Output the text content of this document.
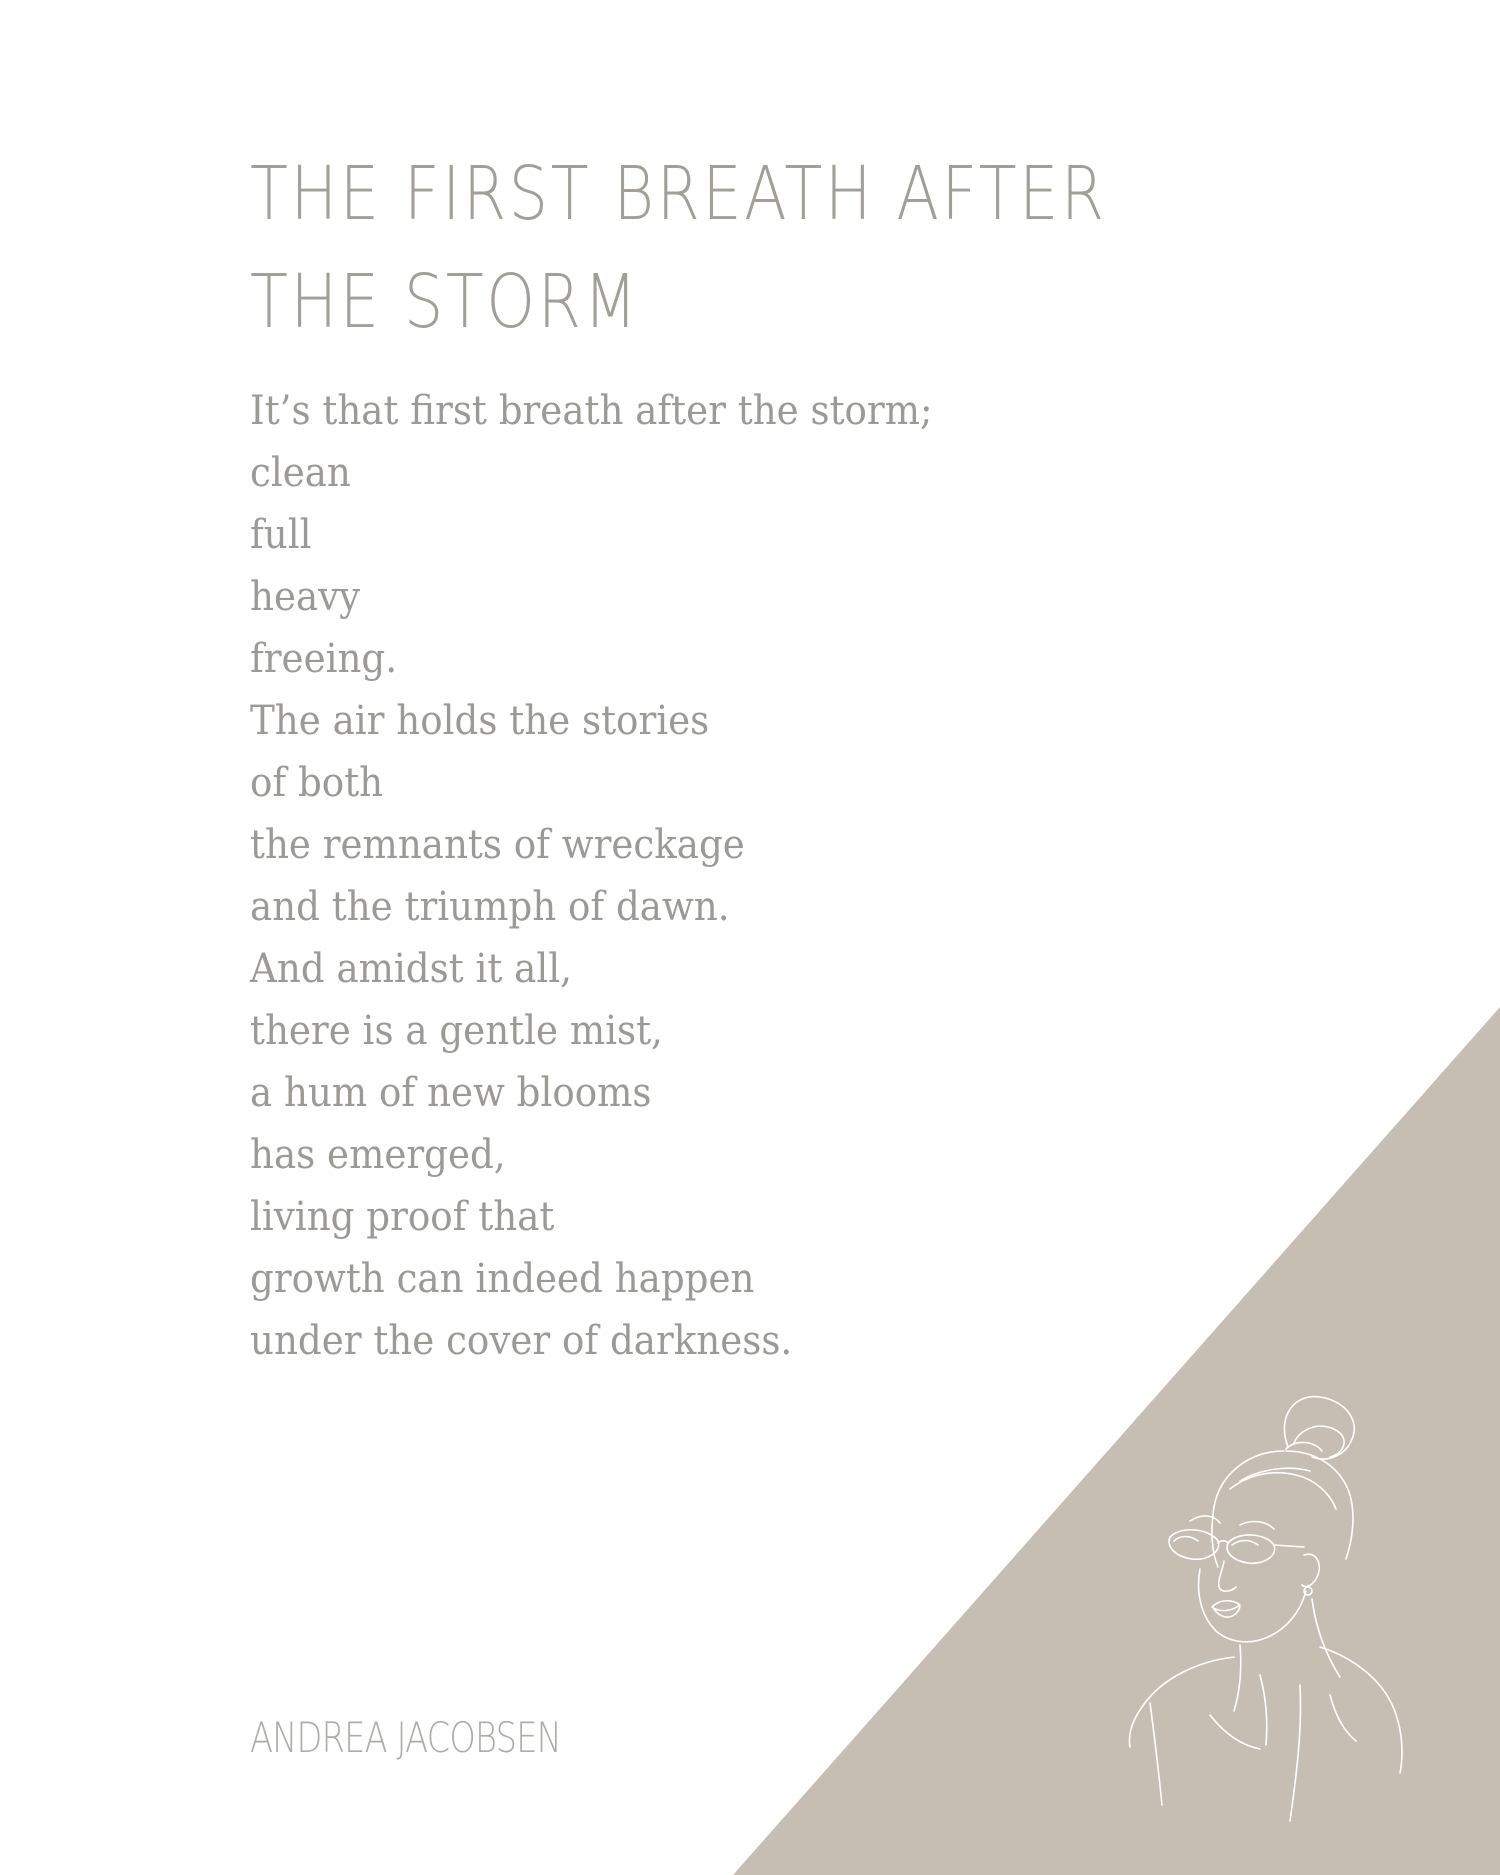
THE FIRST BREATH AFTER
THE STORM
It’s that first breath after the storm;
clean
full
heavy
freeing.
The air holds the stories
of both
the remnants of wreckage
and the triumph of dawn.
And amidst it all,
there is a gentle mist,
a hum of new blooms
has emerged,
living proof that
growth can indeed happen
under the cover of darkness.

ANDREA JACOBSEN
